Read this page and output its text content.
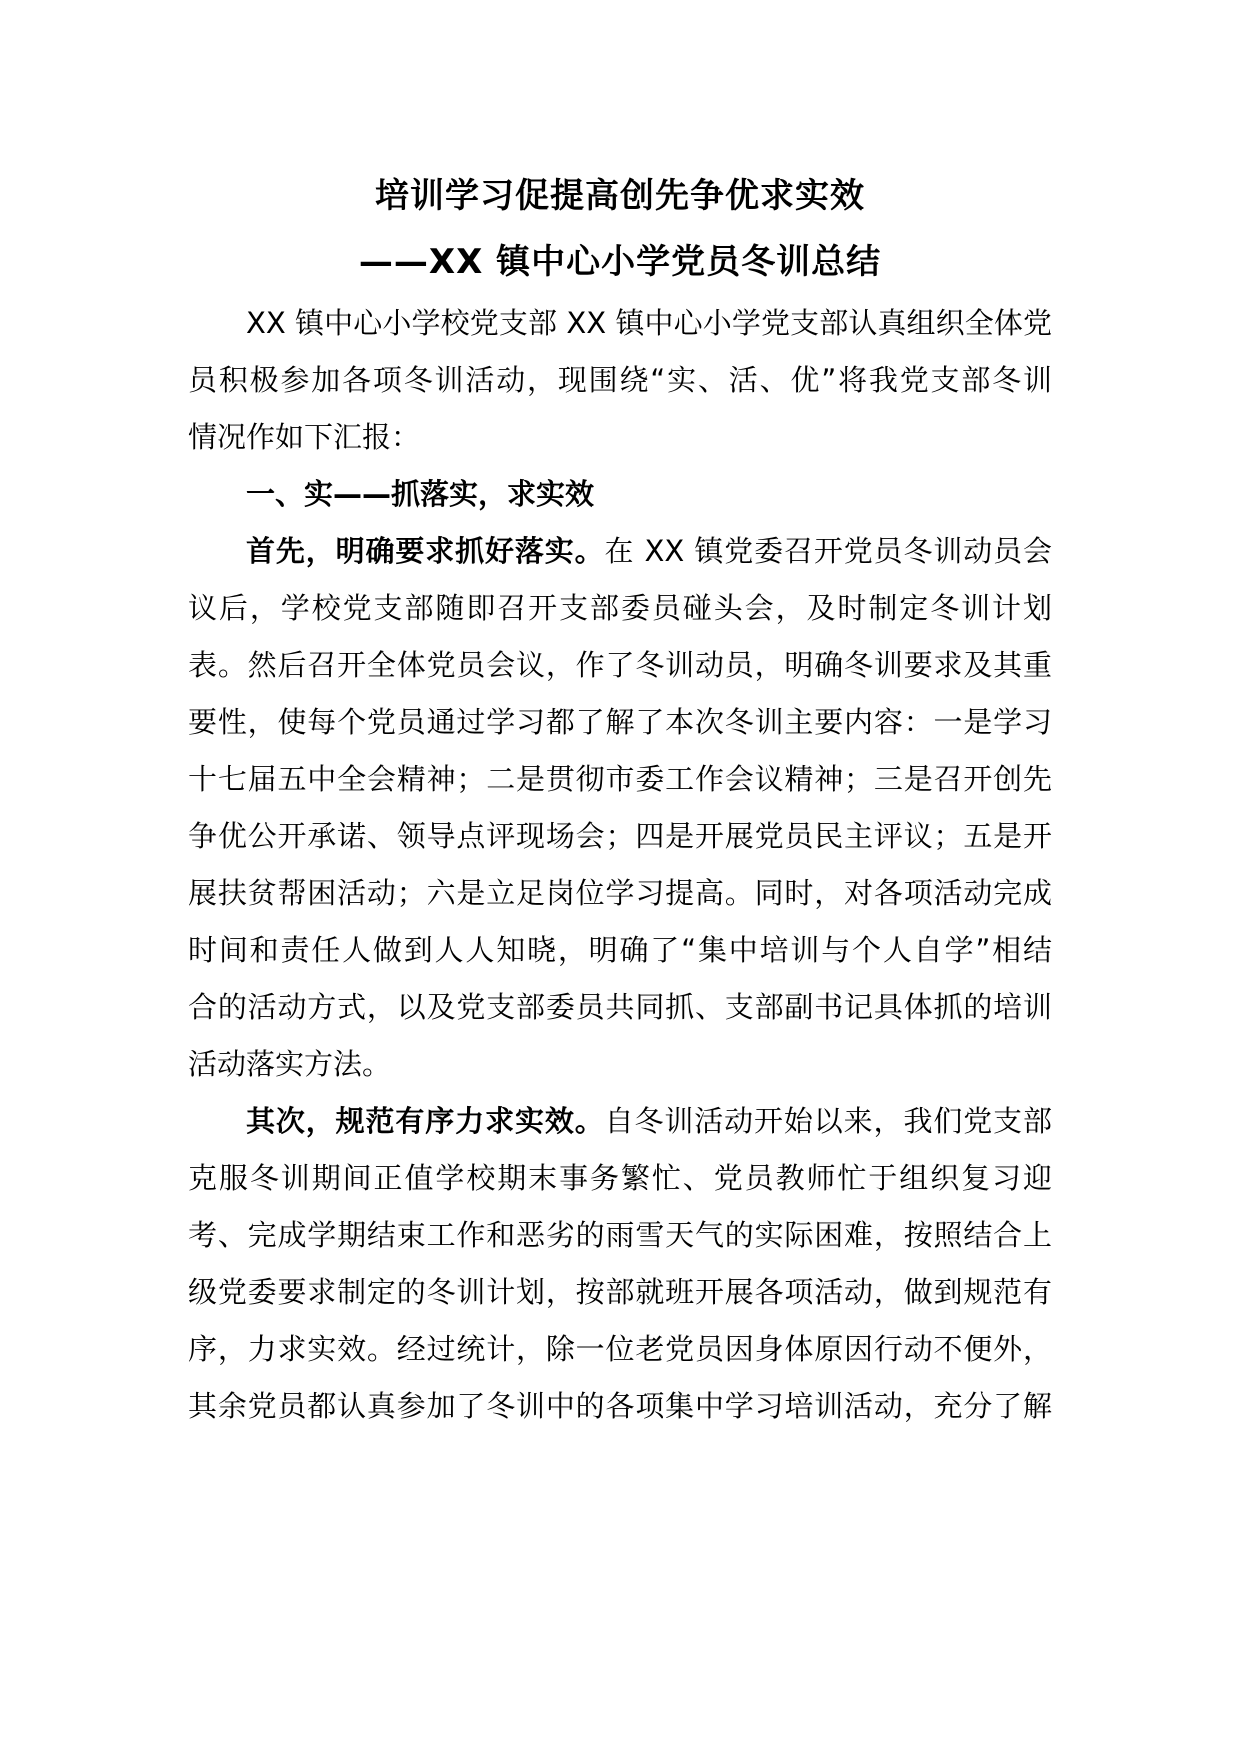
培训学习促提高创先争优求实效
——XX 镇中心小学党员冬训总结
XX 镇中心小学校党支部 XX 镇中心小学党支部认真组织全体党
员积极参加各项冬训活动，现围绕“实、活、优”将我党支部冬训
情况作如下汇报：
一、实——抓落实，求实效
首先，明确要求抓好落实。在 XX 镇党委召开党员冬训动员会
议后，学校党支部随即召开支部委员碰头会，及时制定冬训计划
表。然后召开全体党员会议，作了冬训动员，明确冬训要求及其重
要性，使每个党员通过学习都了解了本次冬训主要内容：一是学习
十七届五中全会精神；二是贯彻市委工作会议精神；三是召开创先
争优公开承诺、领导点评现场会；四是开展党员民主评议；五是开
展扶贫帮困活动；六是立足岗位学习提高。同时，对各项活动完成
时间和责任人做到人人知晓，明确了“集中培训与个人自学”相结
合的活动方式，以及党支部委员共同抓、支部副书记具体抓的培训
活动落实方法。
其次，规范有序力求实效。自冬训活动开始以来，我们党支部
克服冬训期间正值学校期末事务繁忙、党员教师忙于组织复习迎
考、完成学期结束工作和恶劣的雨雪天气的实际困难，按照结合上
级党委要求制定的冬训计划，按部就班开展各项活动，做到规范有
序，力求实效。经过统计，除一位老党员因身体原因行动不便外，
其余党员都认真参加了冬训中的各项集中学习培训活动，充分了解
